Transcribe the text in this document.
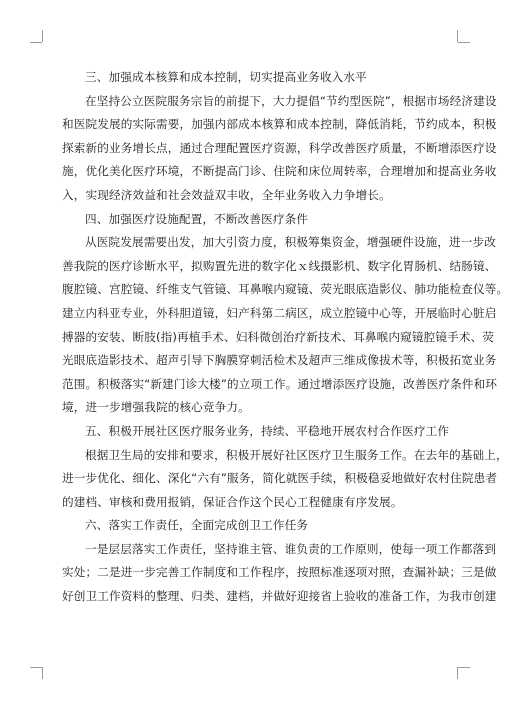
三、加强成本核算和成本控制，切实提高业务收入水平
在坚持公立医院服务宗旨的前提下，大力提倡“节约型医院”，根据市场经济建设
和医院发展的实际需要，加强内部成本核算和成本控制，降低消耗，节约成本，积极
探索新的业务增长点，通过合理配置医疗资源，科学改善医疗质量，不断增添医疗设
施，优化美化医疗环境，不断提高门诊、住院和床位周转率，合理增加和提高业务收
入，实现经济效益和社会效益双丰收，全年业务收入力争增长。
四、加强医疗设施配置，不断改善医疗条件
从医院发展需要出发，加大引资力度，积极筹集资金，增强硬件设施，进一步改
善我院的医疗诊断水平，拟购置先进的数字化ｘ线摄影机、数字化胃肠机、结肠镜、
腹腔镜、宫腔镜、纤维支气管镜、耳鼻喉内窥镜、荧光眼底造影仪、肺功能检查仪等。
建立内科亚专业，外科胆道镜，妇产科第二病区，成立腔镜中心等，开展临时心脏启
搏器的安装、断肢(指)再植手术、妇科微创治疗新技术、耳鼻喉内窥镜腔镜手术、荧
光眼底造影技术、超声引导下胸膜穿刺活检术及超声三维成像拔术等，积极拓宽业务
范围。积极落实“新建门诊大楼”的立项工作。通过增添医疗设施，改善医疗条件和环
境，进一步增强我院的核心竞争力。
五、积极开展社区医疗服务业务，持续、平稳地开展农村合作医疗工作
根据卫生局的安排和要求，积极开展好社区医疗卫生服务工作。在去年的基础上，
进一步优化、细化、深化“六有”服务，简化就医手续，积极稳妥地做好农村住院患者
的建档、审核和费用报销，保证合作这个民心工程健康有序发展。
六、落实工作责任，全面完成创卫工作任务
一是层层落实工作责任，坚持谁主管、谁负责的工作原则，使每一项工作都落到
实处；二是进一步完善工作制度和工作程序，按照标准逐项对照，查漏补缺；三是做
好创卫工作资料的整理、归类、建档，并做好迎接省上验收的准备工作，为我市创建
